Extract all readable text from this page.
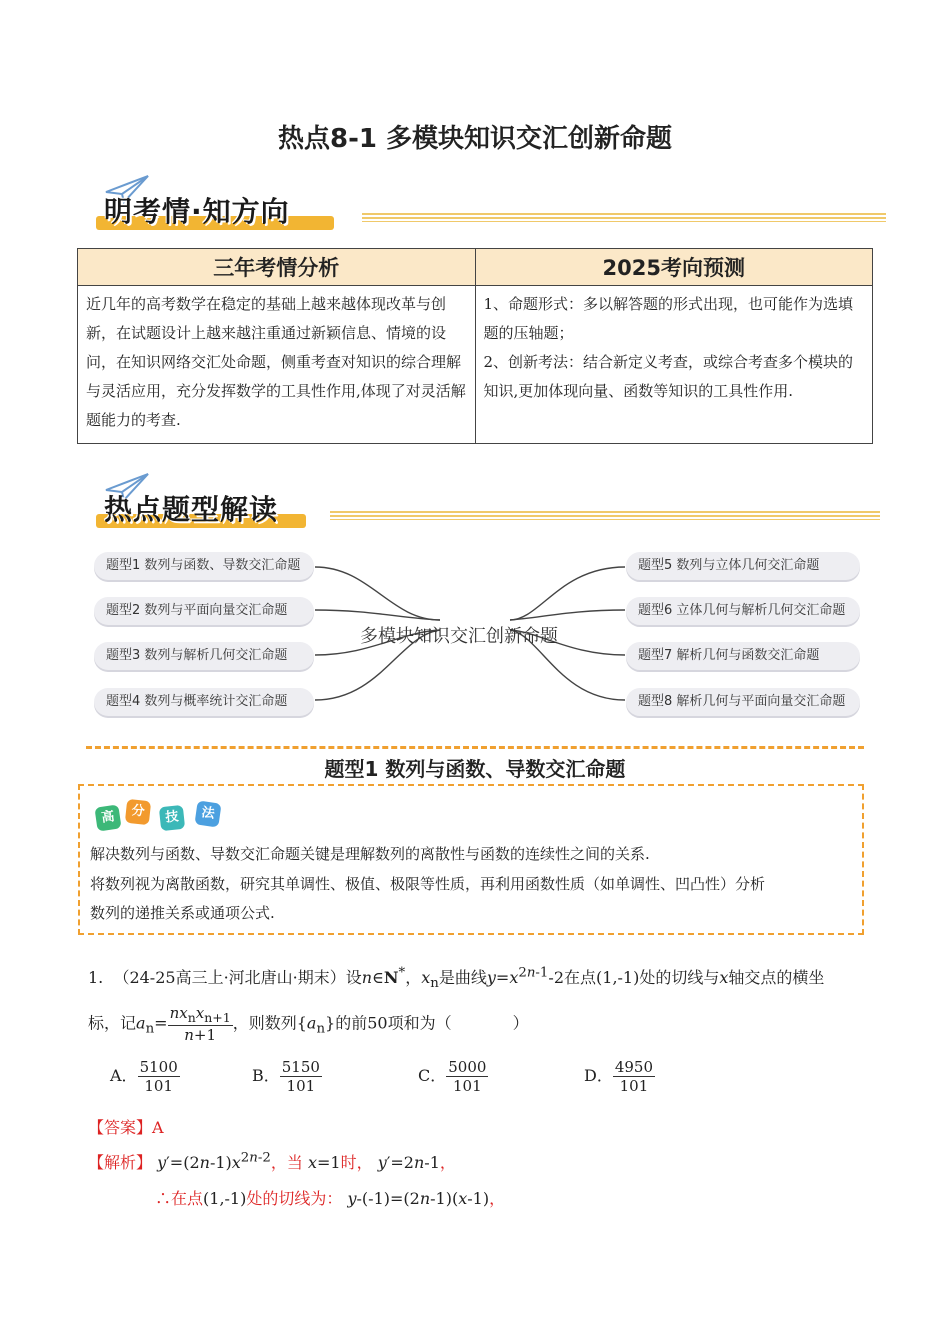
热点8-1 多模块知识交汇创新命题
明考情·知方向
三年考情分析	2025考向预测
近几年的高考数学在稳定的基础上越来越体现改革与创新，在试题设计上越来越注重通过新颖信息、情境的设问，在知识网络交汇处命题，侧重考查对知识的综合理解与灵活应用，充分发挥数学的工具性作用,体现了对灵活解题能力的考查.	1、命题形式：多以解答题的形式出现，也可能作为选填题的压轴题；
2、创新考法：结合新定义考查，或综合考查多个模块的知识,更加体现向量、函数等知识的工具性作用.
热点题型解读
题型1 数列与函数、导数交汇命题
题型2 数列与平面向量交汇命题
题型3 数列与解析几何交汇命题
题型4 数列与概率统计交汇命题
题型5 数列与立体几何交汇命题
题型6 立体几何与解析几何交汇命题
题型7 解析几何与函数交汇命题
题型8 解析几何与平面向量交汇命题
多模块知识交汇创新命题
题型1 数列与函数、导数交汇命题
高	分	技	法
解决数列与函数、导数交汇命题关键是理解数列的离散性与函数的连续性之间的关系.
将数列视为离散函数，研究其单调性、极值、极限等性质，再利用函数性质（如单调性、凹凸性）分析
数列的递推关系或通项公式.
1. （24-25高三上·河北唐山·期末）设n∈N*，$x_n$是曲线$y=x^{2n-1}-2$在点(1,-1)处的切线与x轴交点的横坐
标，记$a_n= \frac{nx_nx_{n+1}}{n+1}$ ，则数列$\{a_n\}$的前50项和为（	）
A． $\frac{5100}{101}$	B． $\frac{5150}{101}$	C． $\frac{5000}{101}$	D． $\frac{4950}{101}$
【答案】A
【解析】 $y'=(2n-1)x^{2n-2}$，当 x=1时， y′=2n-1，
∴在点(1,-1)处的切线为： y-(-1)=(2n-1)(x-1)，
